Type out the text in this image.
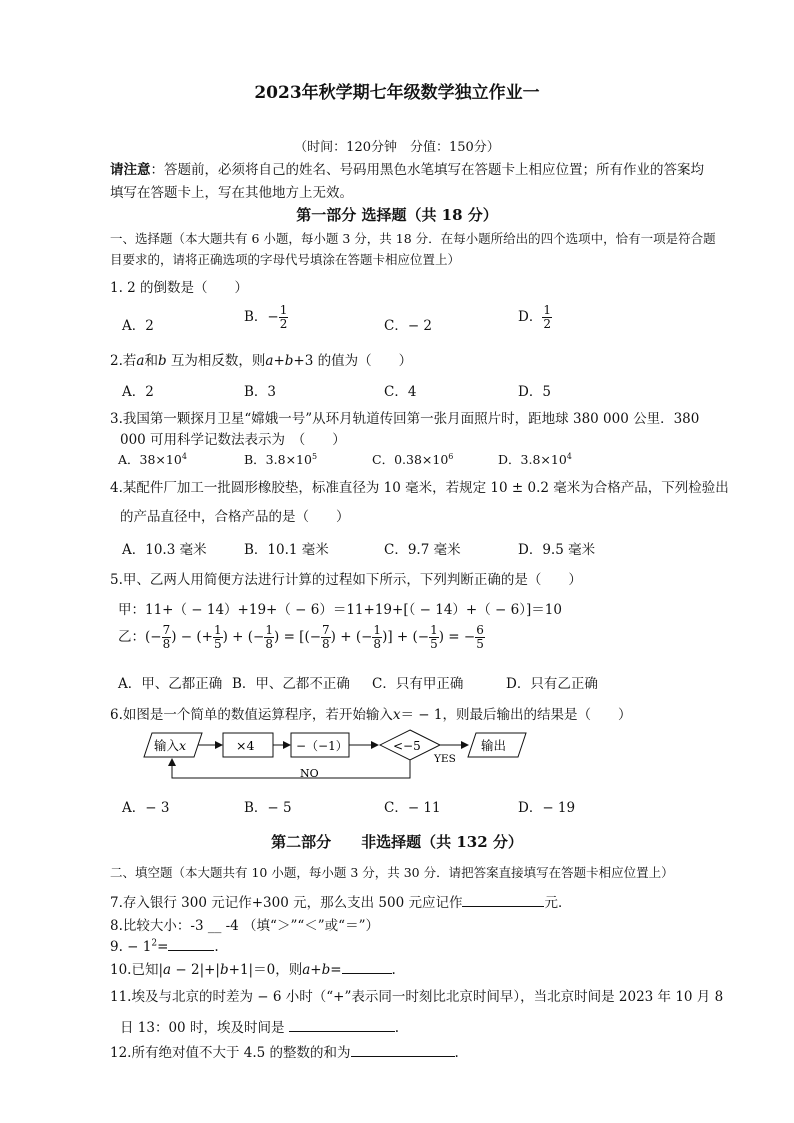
2023年秋学期七年级数学独立作业一
（时间：120分钟　分值：150分）
请注意：答题前，必须将自己的姓名、号码用黑色水笔填写在答题卡上相应位置；所有作业的答案均填写在答题卡上，写在其他地方上无效。
第一部分 选择题（共 18 分）
一、选择题（本大题共有 6 小题，每小题 3 分，共 18 分．在每小题所给出的四个选项中，恰有一项是符合题目要求的，请将正确选项的字母代号填涂在答题卡相应位置上）
1. 2 的倒数是（　　）
A．2
B．− $\frac{1}{2}$	C．− 2
D． $\frac{1}{2}$
2.若a和b 互为相反数，则a+b+3 的值为（　　）
A．2	B．3	C．4	D．5
3.我国第一颗探月卫星“嫦娥一号”从环月轨道传回第一张月面照片时，距地球 380 000 公里．380
000 可用科学记数法表示为　（　　）
A．$38\times 10^4$	B．$3.8\times 10^5$	C．$0.38\times 10^6$	D．$3.8\times 10^4$
4.某配件厂加工一批圆形橡胶垫，标准直径为 10 毫米，若规定 10 ± 0.2 毫米为合格产品，下列检验出
的产品直径中，合格产品的是（　　）
A．10.3 毫米	B．10.1 毫米	C．9.7 毫米	D．9.5 毫米
5.甲、乙两人用简便方法进行计算的过程如下所示，下列判断正确的是（　　）
甲：11+（ − 14）+19+（ − 6）＝11+19+[（ − 14）+（ − 6）]＝10
乙：(− $\frac{7}{8}$ ) − (+ $\frac{1}{5}$ ) + (− $\frac{1}{8}$ ) = [(− $\frac{7}{8}$ ) + (− $\frac{1}{8}$ )] + (− $\frac{1}{5}$ ) = − $\frac{6}{5}$
A．甲、乙都正确 B．甲、乙都不正确 C．只有甲正确	D．只有乙正确
6.如图是一个简单的数值运算程序，若开始输入x＝ − 1，则最后输出的结果是（　　）
输入x	×4	−（−1）	<−5
YES
输出
NO
A．− 3	B．− 5	C．− 11	D．− 19
第二部分　　非选择题（共 132 分）
二、填空题（本大题共有 10 小题，每小题 3 分，共 30 分．请把答案直接填写在答题卡相应位置上）
7.存入银行 300 元记作+300 元，那么支出 500 元应记作	元．
8.比较大小：-3 __ -4 （填“＞”“＜”或“＝”）
9. − $1^2=$	.
10.已知|a − 2|+|b+1|＝0，则a+b=	.
11.埃及与北京的时差为 − 6 小时（“+”表示同一时刻比北京时间早），当北京时间是 2023 年 10 月 8
日 13：00 时，埃及时间是	.
12.所有绝对值不大于 4.5 的整数的和为	.
